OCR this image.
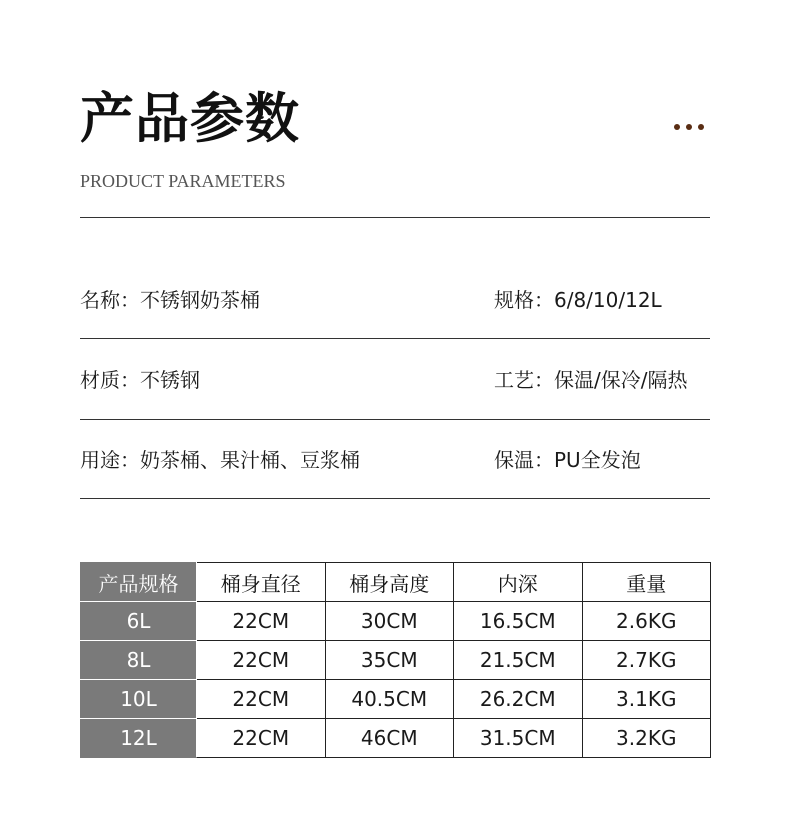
产品参数
PRODUCT PARAMETERS
名称：不锈钢奶茶桶	规格：6/8/10/12L
材质：不锈钢	工艺：保温/保冷/隔热
用途：奶茶桶、果汁桶、豆浆桶	保温：PU全发泡
产品规格	桶身直径	桶身高度	内深	重量
6L	22CM	30CM	16.5CM	2.6KG
8L	22CM	35CM	21.5CM	2.7KG
10L	22CM	40.5CM	26.2CM	3.1KG
12L	22CM	46CM	31.5CM	3.2KG
